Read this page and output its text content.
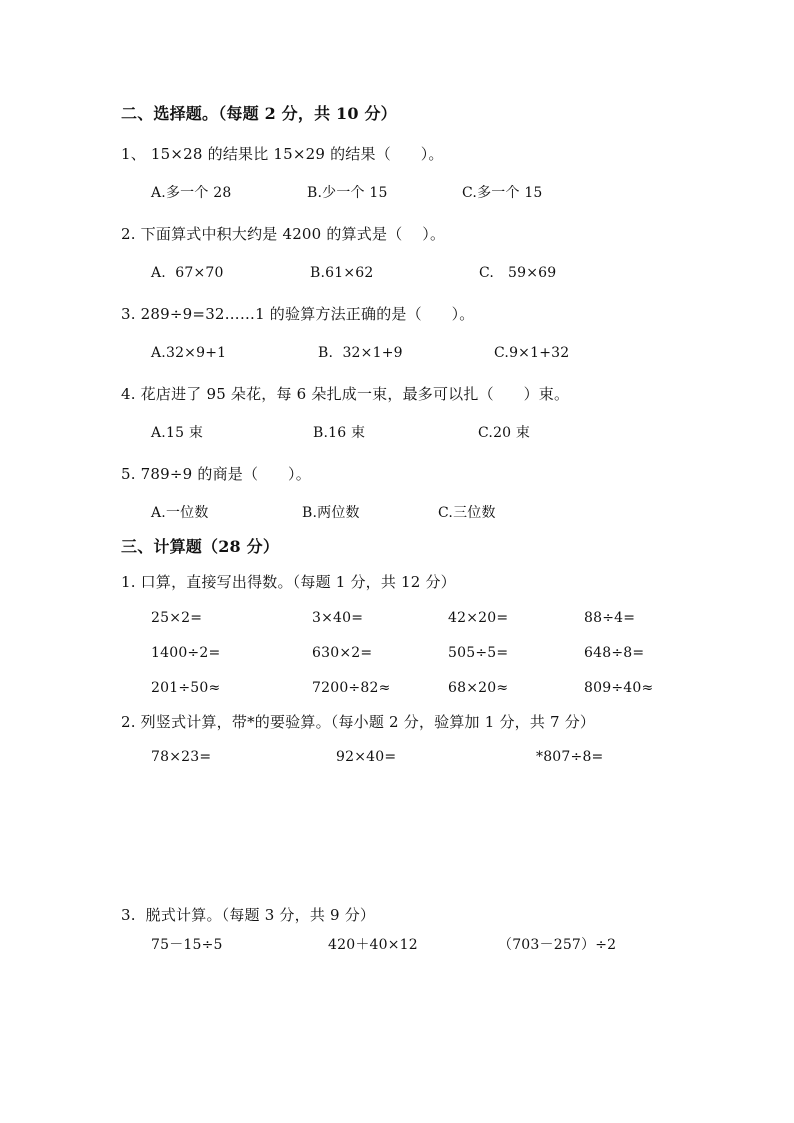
二、选择题。（每题 2 分，共 10 分）
1、 15×28 的结果比 15×29 的结果（      ）。
A.多一个 28	B.少一个 15	C.多一个 15
2. 下面算式中积大约是 4200 的算式是（    ）。
A.  67×70	B.61×62	C.   59×69
3. 289÷9=32……1 的验算方法正确的是（      ）。
A.32×9+1	B.  32×1+9	C.9×1+32
4. 花店进了 95 朵花，每 6 朵扎成一束，最多可以扎（      ）束。
A.15 束	B.16 束	C.20 束
5. 789÷9 的商是（      ）。
A.一位数	B.两位数	C.三位数
三、计算题（28 分）
1. 口算，直接写出得数。（每题 1 分，共 12 分）
25×2=	3×40=	42×20=	88÷4=
1400÷2=	630×2=	505÷5=	648÷8=
201÷50≈	7200÷82≈	68×20≈	809÷40≈
2. 列竖式计算，带*的要验算。（每小题 2 分，验算加 1 分，共 7 分）
78×23=	92×40=	*807÷8=
3.  脱式计算。（每题 3 分，共 9 分）
75－15÷5	420＋40×12	（703－257）÷2
